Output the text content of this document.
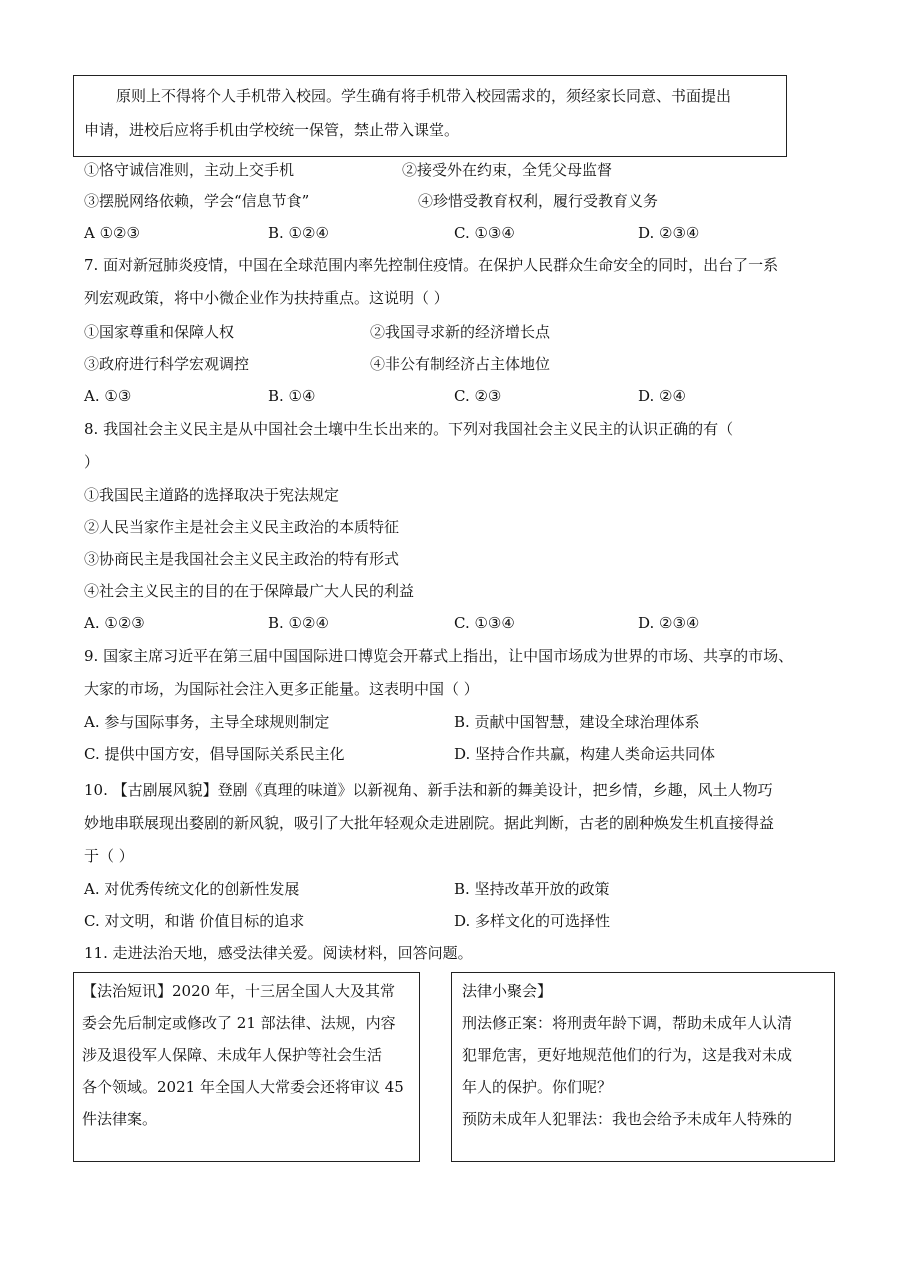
原则上不得将个人手机带入校园。学生确有将手机带入校园需求的，须经家长同意、书面提出
申请，进校后应将手机由学校统一保管，禁止带入课堂。
①恪守诚信准则，主动上交手机	②接受外在约束，全凭父母监督
③摆脱网络依赖，学会“信息节食”	④珍惜受教育权利，履行受教育义务
A ①②③	B. ①②④	C. ①③④	D. ②③④
7. 面对新冠肺炎疫情，中国在全球范围内率先控制住疫情。在保护人民群众生命安全的同时，出台了一系
列宏观政策，将中小微企业作为扶持重点。这说明（ ）
①国家尊重和保障人权	②我国寻求新的经济增长点
③政府进行科学宏观调控	④非公有制经济占主体地位
A. ①③	B. ①④	C. ②③	D. ②④
8. 我国社会主义民主是从中国社会土壤中生长出来的。下列对我国社会主义民主的认识正确的有（
）
①我国民主道路的选择取决于宪法规定
②人民当家作主是社会主义民主政治的本质特征
③协商民主是我国社会主义民主政治的特有形式
④社会主义民主的目的在于保障最广大人民的利益
A. ①②③	B. ①②④	C. ①③④	D. ②③④
9. 国家主席习近平在第三届中国国际进口博览会开幕式上指出，让中国市场成为世界的市场、共享的市场、
大家的市场，为国际社会注入更多正能量。这表明中国（ ）
A. 参与国际事务，主导全球规则制定	B. 贡献中国智慧，建设全球治理体系
C. 提供中国方安，倡导国际关系民主化	D. 坚持合作共赢，构建人类命运共同体
10. 【古剧展风貌】登剧《真理的味道》以新视角、新手法和新的舞美设计，把乡情，乡趣，风土人物巧
妙地串联展现出婺剧的新风貌，吸引了大批年轻观众走进剧院。据此判断，古老的剧种焕发生机直接得益
于（ ）
A. 对优秀传统文化的创新性发展	B. 坚持改革开放的政策
C. 对文明，和谐 价值目标的追求	D. 多样文化的可选择性
11. 走进法治天地，感受法律关爱。阅读材料，回答问题。
【法治短讯】2020 年，十三居全国人大及其常
委会先后制定或修改了 21 部法律、法规，内容
涉及退役军人保障、未成年人保护等社会生活
各个领域。2021 年全国人大常委会还将审议 45
件法律案。
法律小聚会】
刑法修正案：将刑责年龄下调，帮助未成年人认清
犯罪危害，更好地规范他们的行为，这是我对未成
年人的保护。你们呢？
预防未成年人犯罪法：我也会给予未成年人特殊的
